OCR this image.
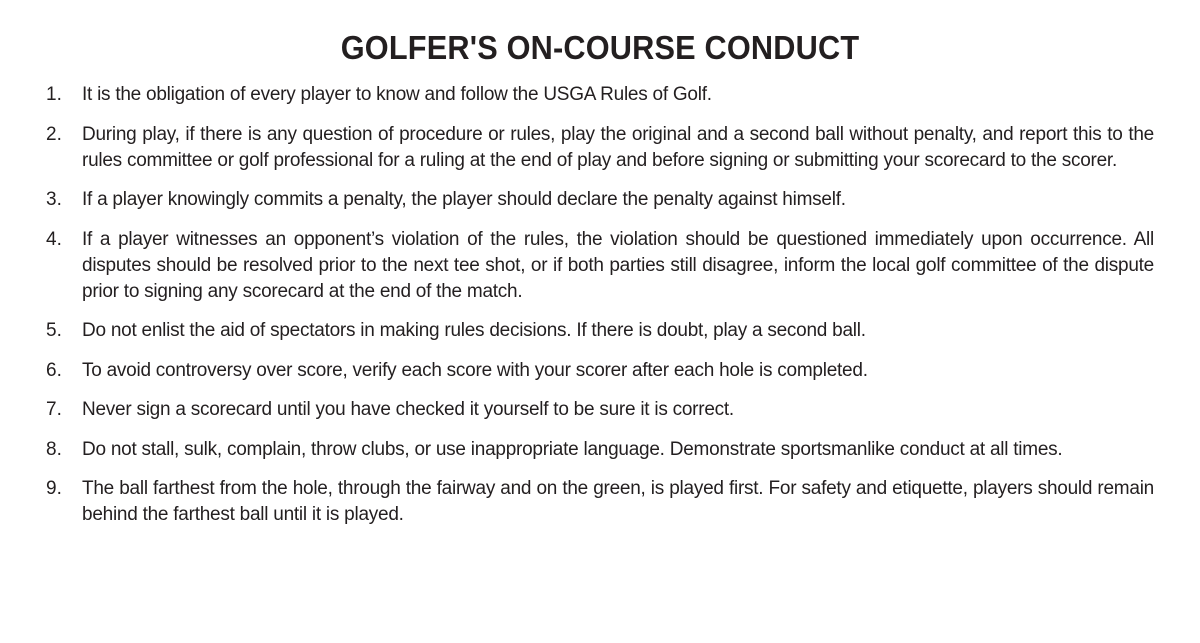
GOLFER'S ON-COURSE CONDUCT
1.	It is the obligation of every player to know and follow the USGA Rules of Golf.
2.	During play, if there is any question of procedure or rules, play the original and a second ball without penalty, and report this to the rules committee or golf professional for a ruling at the end of play and before signing or submitting your scorecard to the scorer.
3.	If a player knowingly commits a penalty, the player should declare the penalty against himself.
4.	If a player witnesses an opponent’s violation of the rules, the violation should be questioned immediately upon occurrence. All disputes should be resolved prior to the next tee shot, or if both parties still disagree, inform the local golf committee of the dispute prior to signing any scorecard at the end of the match.
5.	Do not enlist the aid of spectators in making rules decisions. If there is doubt, play a second ball.
6.	To avoid controversy over score, verify each score with your scorer after each hole is completed.
7.	Never sign a scorecard until you have checked it yourself to be sure it is correct.
8.	Do not stall, sulk, complain, throw clubs, or use inappropriate language. Demonstrate sportsmanlike conduct at all times.
9.	The ball farthest from the hole, through the fairway and on the green, is played first. For safety and etiquette, players should remain behind the farthest ball until it is played.
